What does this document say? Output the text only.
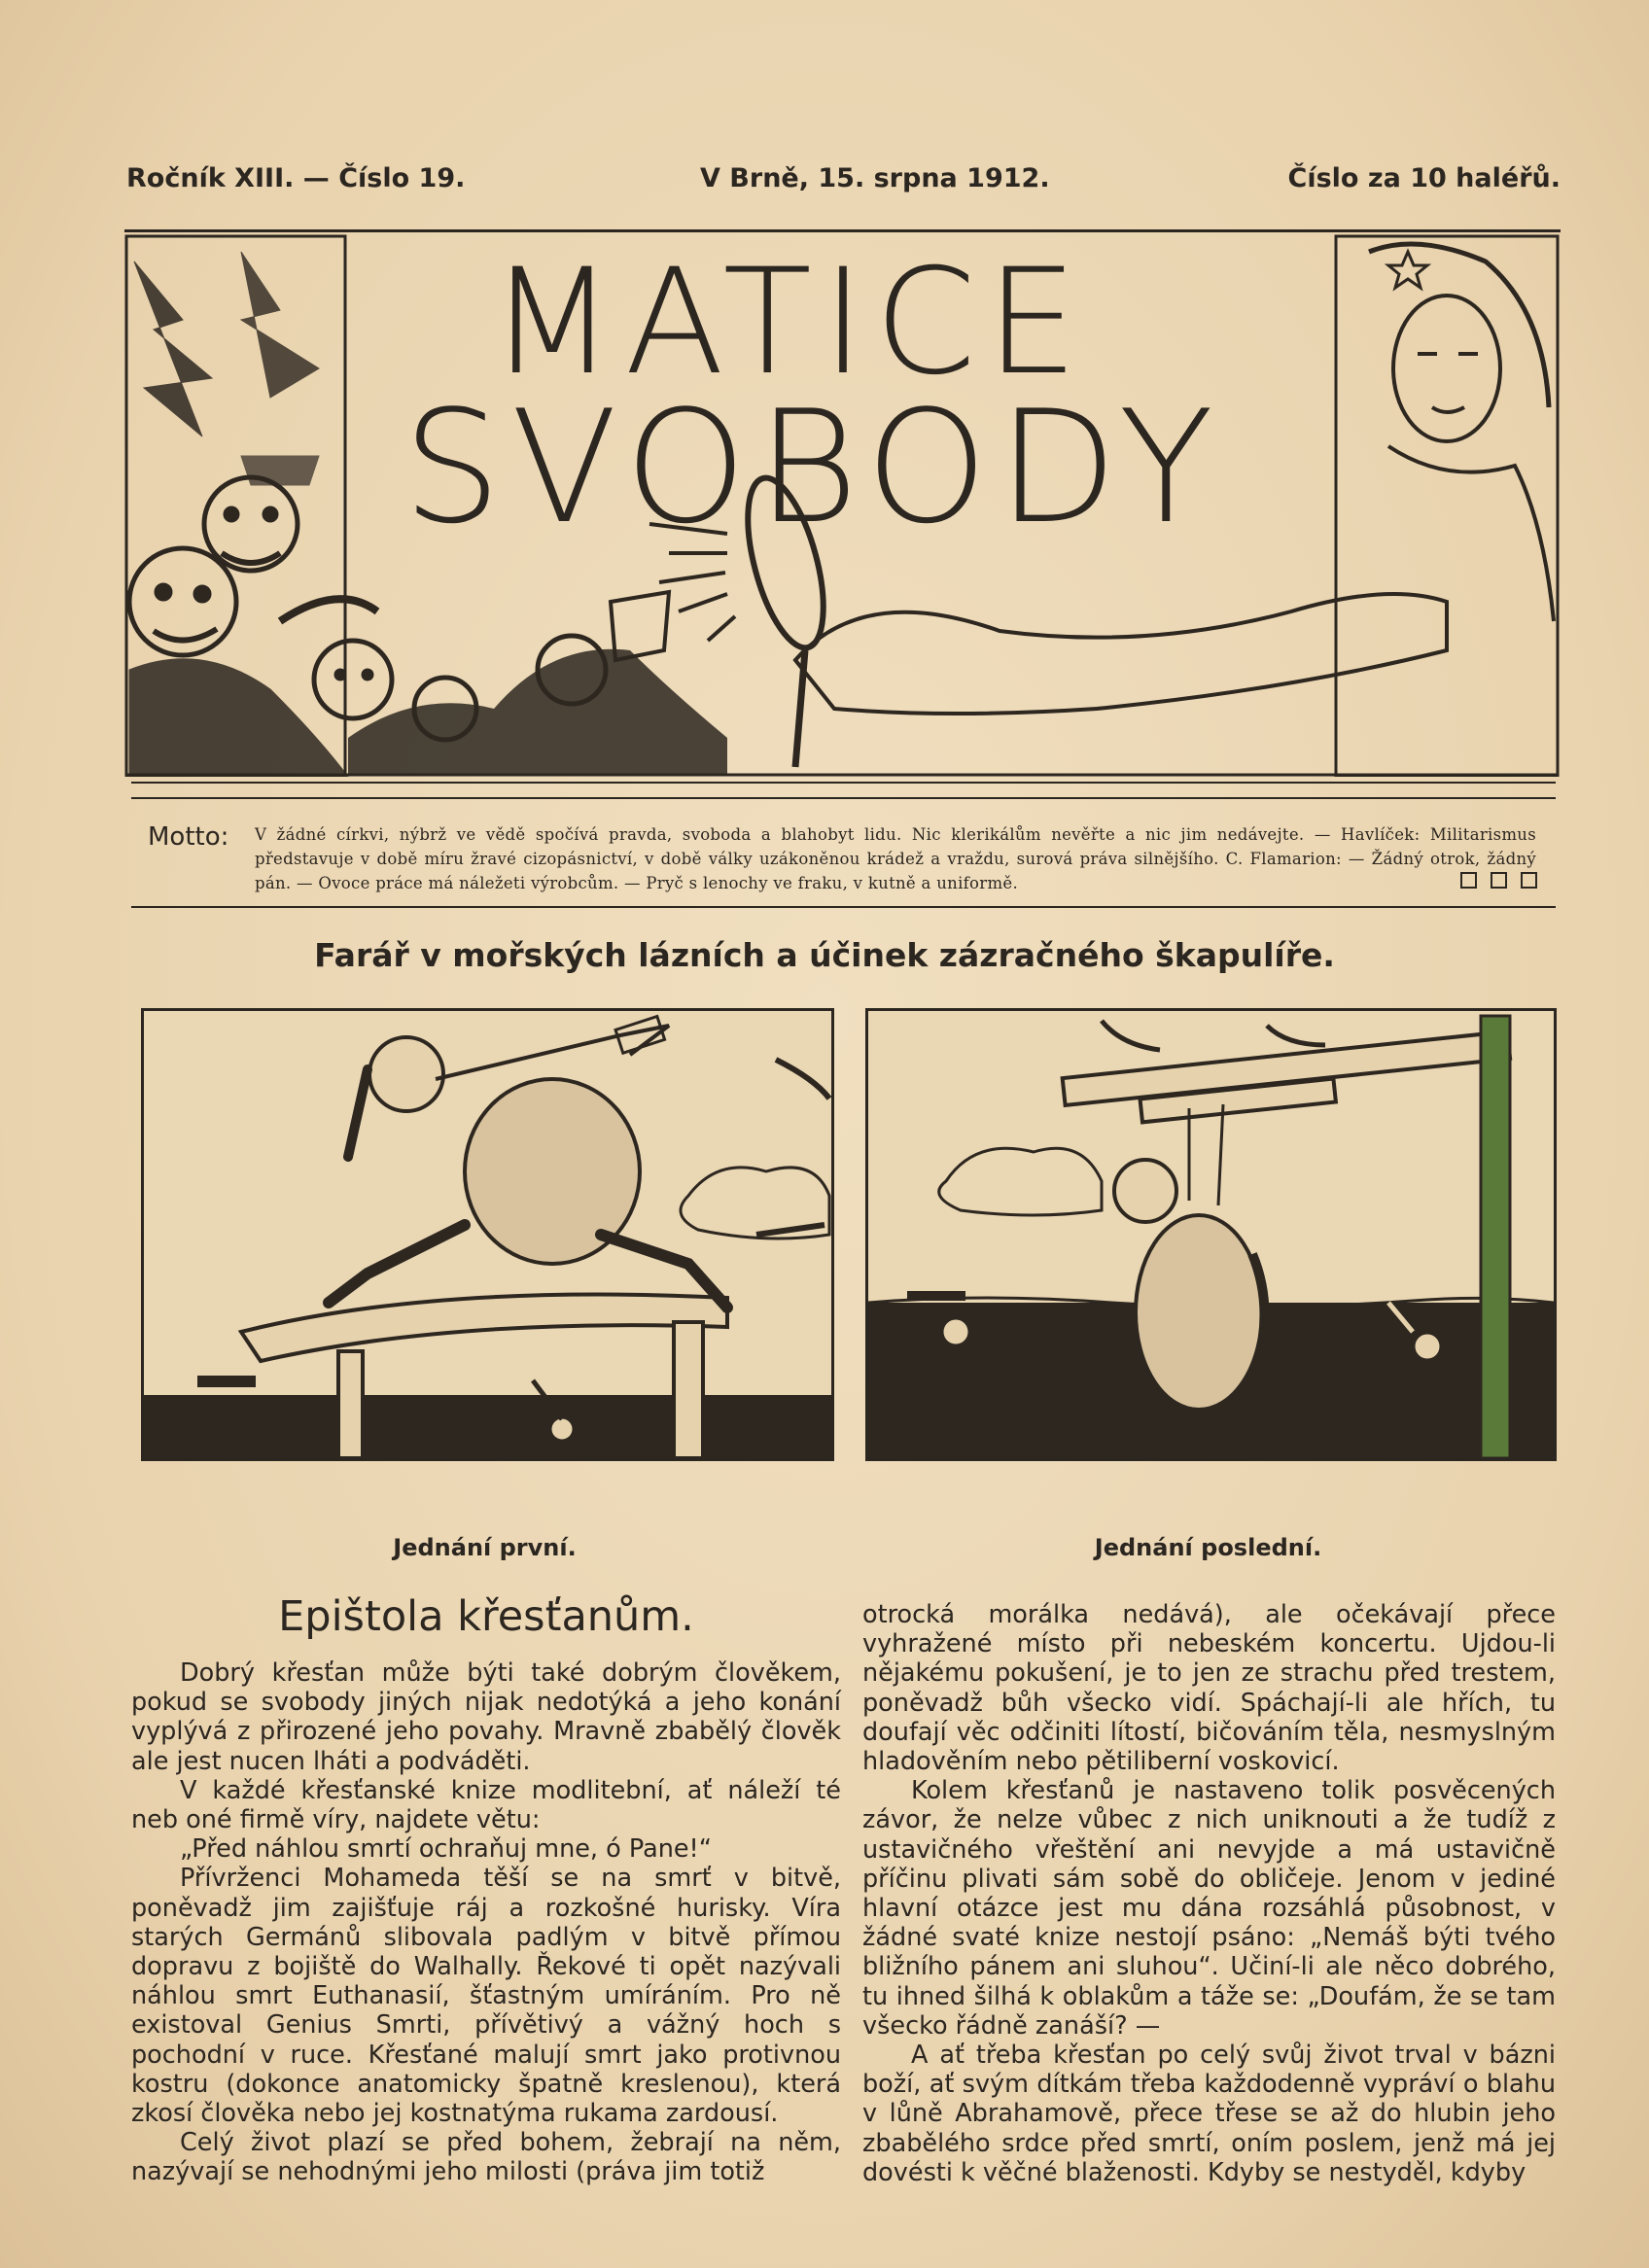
Ročník XIII. — Číslo 19.	V Brně, 15. srpna 1912.	Číslo za 10 haléřů.
MATICE
SVOBODY
Motto: V žádné církvi, nýbrž ve vědě spočívá pravda, svoboda a blahobyt lidu. Nic klerikálům nevěřte a nic jim nedávejte. — Havlíček: Militarismus představuje v době míru žravé cizopásnictví, v době války uzákoněnou krádež a vraždu, surová práva silnějšího. C. Flamarion: — Žádný otrok, žádný pán. — Ovoce práce má náležeti výrobcům. — Pryč s lenochy ve fraku, v kutně a uniformě.
Farář v mořských lázních a účinek zázračného škapulíře.
Jednání první.	Jednání poslední.
Epištola křesťanům.

Dobrý křesťan může býti také dobrým člověkem, pokud se svobody jiných nijak nedotýká a jeho konání vyplývá z přirozené jeho povahy. Mravně zbabělý člověk ale jest nucen lháti a podváděti.

V každé křesťanské knize modlitební, ať náleží té neb oné firmě víry, najdete větu:

„Před náhlou smrtí ochraňuj mne, ó Pane!“

Přívrženci Mohameda těší se na smrť v bitvě, poněvadž jim zajišťuje ráj a rozkošné hurisky. Víra starých Germánů slibovala padlým v bitvě přímou dopravu z bojiště do Walhally. Řekové ti opět nazývali náhlou smrt Euthanasií, šťastným umíráním. Pro ně existoval Genius Smrti, přívětivý a vážný hoch s pochodní v ruce. Křesťané malují smrt jako protivnou kostru (dokonce anatomicky špatně kreslenou), která zkosí člověka nebo jej kostnatýma rukama zardousí.

Celý život plazí se před bohem, žebrají na něm, nazývají se nehodnými jeho milosti (práva jim totiž

otrocká morálka nedává), ale očekávají přece vyhražené místo při nebeském koncertu. Ujdou-li nějakému pokušení, je to jen ze strachu před trestem, poněvadž bůh všecko vidí. Spáchají-li ale hřích, tu doufají věc odčiniti lítostí, bičováním těla, nesmyslným hladověním nebo pětiliberní voskovicí.

Kolem křesťanů je nastaveno tolik posvěcených závor, že nelze vůbec z nich uniknouti a že tudíž z ustavičného vřeštění ani nevyjde a má ustavičně příčinu plivati sám sobě do obličeje. Jenom v jediné hlavní otázce jest mu dána rozsáhlá působnost, v žádné svaté knize nestojí psáno: „Nemáš býti tvého bližního pánem ani sluhou“. Učiní-li ale něco dobrého, tu ihned šilhá k oblakům a táže se: „Doufám, že se tam všecko řádně zanáší? —

A ať třeba křesťan po celý svůj život trval v bázni boží, ať svým dítkám třeba každodenně vypráví o blahu v lůně Abrahamově, přece třese se až do hlubin jeho zbabělého srdce před smrtí, oním poslem, jenž má jej dovésti k věčné blaženosti. Kdyby se nestyděl, kdyby
